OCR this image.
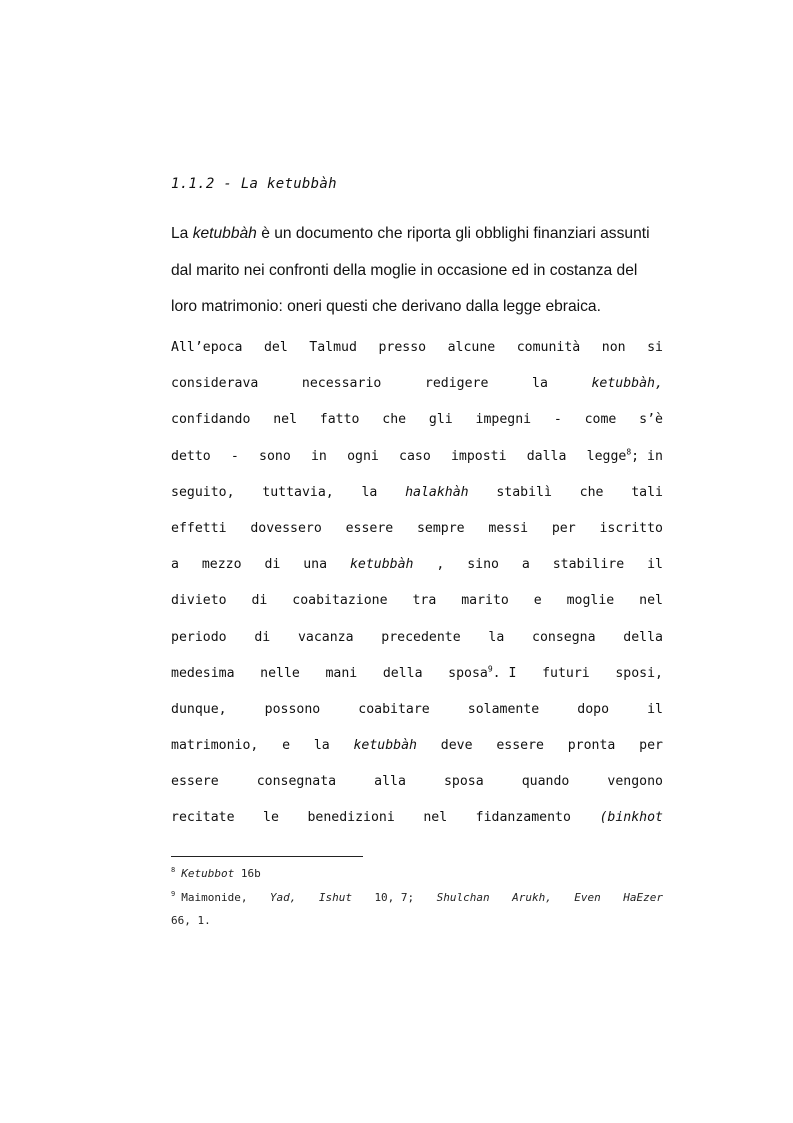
1.1.2 - La ketubbàh
La ketubbàh è un documento che riporta gli obblighi finanziari assunti dal marito nei confronti della moglie in occasione ed in costanza del loro matrimonio: oneri questi che derivano dalla legge ebraica.
All’epoca del Talmud presso alcune comunità non si
considerava	necessario	redigere	la	ketubbàh,
confidando nel fatto che gli impegni - come s’è
detto - sono in ogni caso imposti dalla legge$^8$; in
seguito, tuttavia, la halakhàh stabilì che tali
effetti dovessero essere sempre messi per iscritto
a mezzo di una ketubbàh , sino a stabilire il
divieto di coabitazione tra marito e moglie nel
periodo di vacanza precedente la consegna della
medesima nelle mani della sposa$^9$. I futuri sposi,
dunque,	possono	coabitare	solamente	dopo	il
matrimonio, e la ketubbàh deve essere pronta per
essere	consegnata	alla	sposa	quando	vengono
recitate le benedizioni nel fidanzamento (binkhot
$^8$ Ketubbot 16b
$^9$ Maimonide, Yad, Ishut 10, 7; Shulchan Arukh, Even HaEzer
66, 1.
